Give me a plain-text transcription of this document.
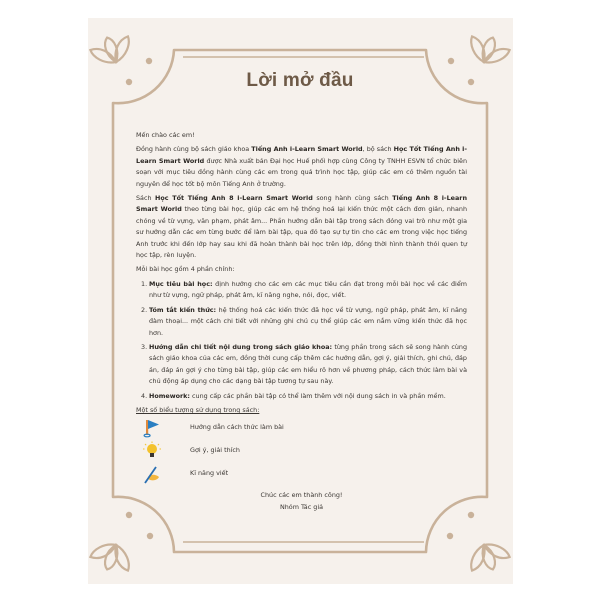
Lời mở đầu

Mến chào các em!

Đồng hành cùng bộ sách giáo khoa Tiếng Anh i-Learn Smart World, bộ sách Học Tốt Tiếng Anh i-Learn Smart World được Nhà xuất bản Đại học Huế phối hợp cùng Công ty TNHH ESVN tổ chức biên soạn với mục tiêu đồng hành cùng các em trong quá trình học tập, giúp các em có thêm nguồn tài nguyên để học tốt bộ môn Tiếng Anh ở trường.

Sách Học Tốt Tiếng Anh 8 i-Learn Smart World song hành cùng sách Tiếng Anh 8 i-Learn Smart World theo từng bài học, giúp các em hệ thống hoá lại kiến thức một cách đơn giản, nhanh chóng về từ vựng, văn phạm, phát âm... Phần hướng dẫn bài tập trong sách đóng vai trò như một gia sư hướng dẫn các em từng bước để làm bài tập, qua đó tạo sự tự tin cho các em trong việc học tiếng Anh trước khi đến lớp hay sau khi đã hoàn thành bài học trên lớp, đồng thời hình thành thói quen tự học tập, rèn luyện.

Mỗi bài học gồm 4 phần chính:

1. Mục tiêu bài học: định hướng cho các em các mục tiêu cần đạt trong mỗi bài học về các điểm như từ vựng, ngữ pháp, phát âm, kĩ năng nghe, nói, đọc, viết.
2. Tóm tắt kiến thức: hệ thống hoá các kiến thức đã học về từ vựng, ngữ pháp, phát âm, kĩ năng đàm thoại... một cách chi tiết với những ghi chú cụ thể giúp các em nắm vững kiến thức đã học hơn.
3. Hướng dẫn chi tiết nội dung trong sách giáo khoa: từng phần trong sách sẽ song hành cùng sách giáo khoa của các em, đồng thời cung cấp thêm các hướng dẫn, gợi ý, giải thích, ghi chú, đáp án, đáp án gợi ý cho từng bài tập, giúp các em hiểu rõ hơn về phương pháp, cách thức làm bài và chủ động áp dụng cho các dạng bài tập tương tự sau này.
4. Homework: cung cấp các phần bài tập có thể làm thêm với nội dung sách in và phần mềm.
Một số biểu tượng sử dụng trong sách:
Hướng dẫn cách thức làm bài
Gợi ý, giải thích
Kĩ năng viết
Chúc các em thành công!
Nhóm Tác giả
